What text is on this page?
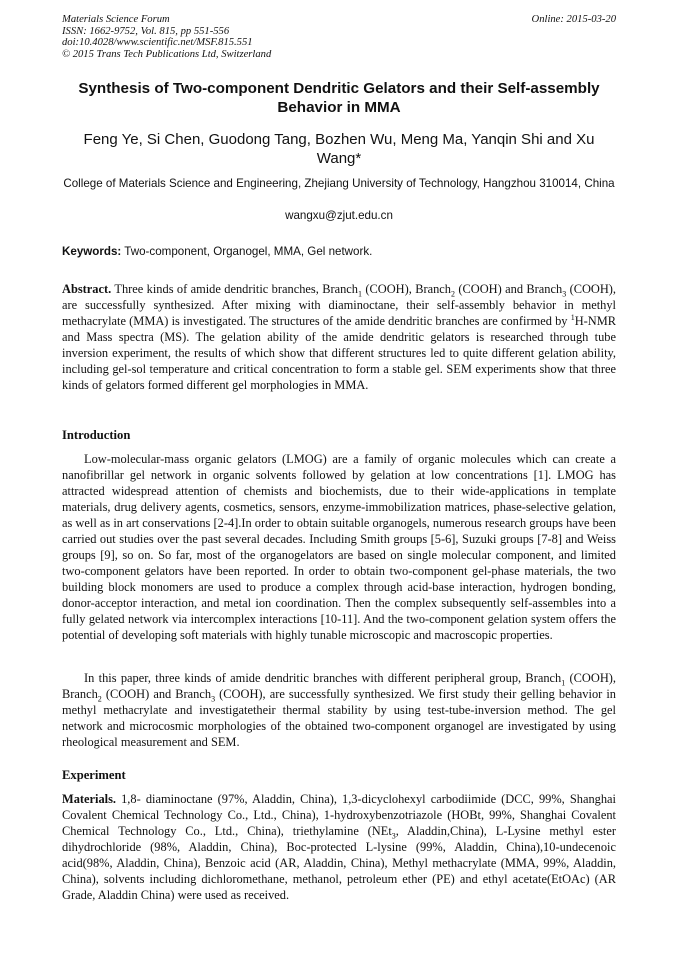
Materials Science Forum
ISSN: 1662-9752, Vol. 815, pp 551-556
doi:10.4028/www.scientific.net/MSF.815.551
© 2015 Trans Tech Publications Ltd, Switzerland
Online: 2015-03-20
Synthesis of Two-component Dendritic Gelators and their Self-assembly Behavior in MMA
Feng Ye, Si Chen, Guodong Tang, Bozhen Wu, Meng Ma, Yanqin Shi and Xu Wang*
College of Materials Science and Engineering, Zhejiang University of Technology, Hangzhou 310014, China
wangxu@zjut.edu.cn
Keywords: Two-component, Organogel, MMA, Gel network.
Abstract. Three kinds of amide dendritic branches, Branch$_1$ (COOH), Branch$_2$ (COOH) and Branch$_3$ (COOH), are successfully synthesized. After mixing with diaminoctane, their self-assembly behavior in methyl methacrylate (MMA) is investigated. The structures of the amide dendritic branches are confirmed by $^1$H-NMR and Mass spectra (MS). The gelation ability of the amide dendritic gelators is researched through tube inversion experiment, the results of which show that different structures led to quite different gelation ability, including gel-sol temperature and critical concentration to form a stable gel. SEM experiments show that three kinds of gelators formed different gel morphologies in MMA.
Introduction
Low-molecular-mass organic gelators (LMOG) are a family of organic molecules which can create a nanofibrillar gel network in organic solvents followed by gelation at low concentrations [1]. LMOG has attracted widespread attention of chemists and biochemists, due to their wide-applications in template materials, drug delivery agents, cosmetics, sensors, enzyme-immobilization matrices, phase-selective gelation, as well as in art conservations [2-4].In order to obtain suitable organogels, numerous research groups have been carried out studies over the past several decades. Including Smith groups [5-6], Suzuki groups [7-8] and Weiss groups [9], so on. So far, most of the organogelators are based on single molecular component, and limited two-component gelators have been reported. In order to obtain two-component gel-phase materials, the two building block monomers are used to produce a complex through acid-base interaction, hydrogen bonding, donor-acceptor interaction, and metal ion coordination. Then the complex subsequently self-assembles into a fully gelated network via intercomplex interactions [10-11]. And the two-component gelation system offers the potential of developing soft materials with highly tunable microscopic and macroscopic properties.
In this paper, three kinds of amide dendritic branches with different peripheral group, Branch$_1$ (COOH), Branch$_2$ (COOH) and Branch$_3$ (COOH), are successfully synthesized. We first study their gelling behavior in methyl methacrylate and investigatetheir thermal stability by using test-tube-inversion method. The gel network and microcosmic morphologies of the obtained two-component organogel are investigated by using rheological measurement and SEM.
Experiment
Materials. 1,8- diaminoctane (97%, Aladdin, China), 1,3-dicyclohexyl carbodiimide (DCC, 99%, Shanghai Covalent Chemical Technology Co., Ltd., China), 1-hydroxybenzotriazole (HOBt, 99%, Shanghai Covalent Chemical Technology Co., Ltd., China), triethylamine (NEt$_3$, Aladdin,China), L-Lysine methyl ester dihydrochloride (98%, Aladdin, China), Boc-protected L-lysine (99%, Aladdin, China),10-undecenoic acid(98%, Aladdin, China), Benzoic acid (AR, Aladdin, China), Methyl methacrylate (MMA, 99%, Aladdin, China), solvents including dichloromethane, methanol, petroleum ether (PE) and ethyl acetate(EtOAc) (AR Grade, Aladdin China) were used as received.
